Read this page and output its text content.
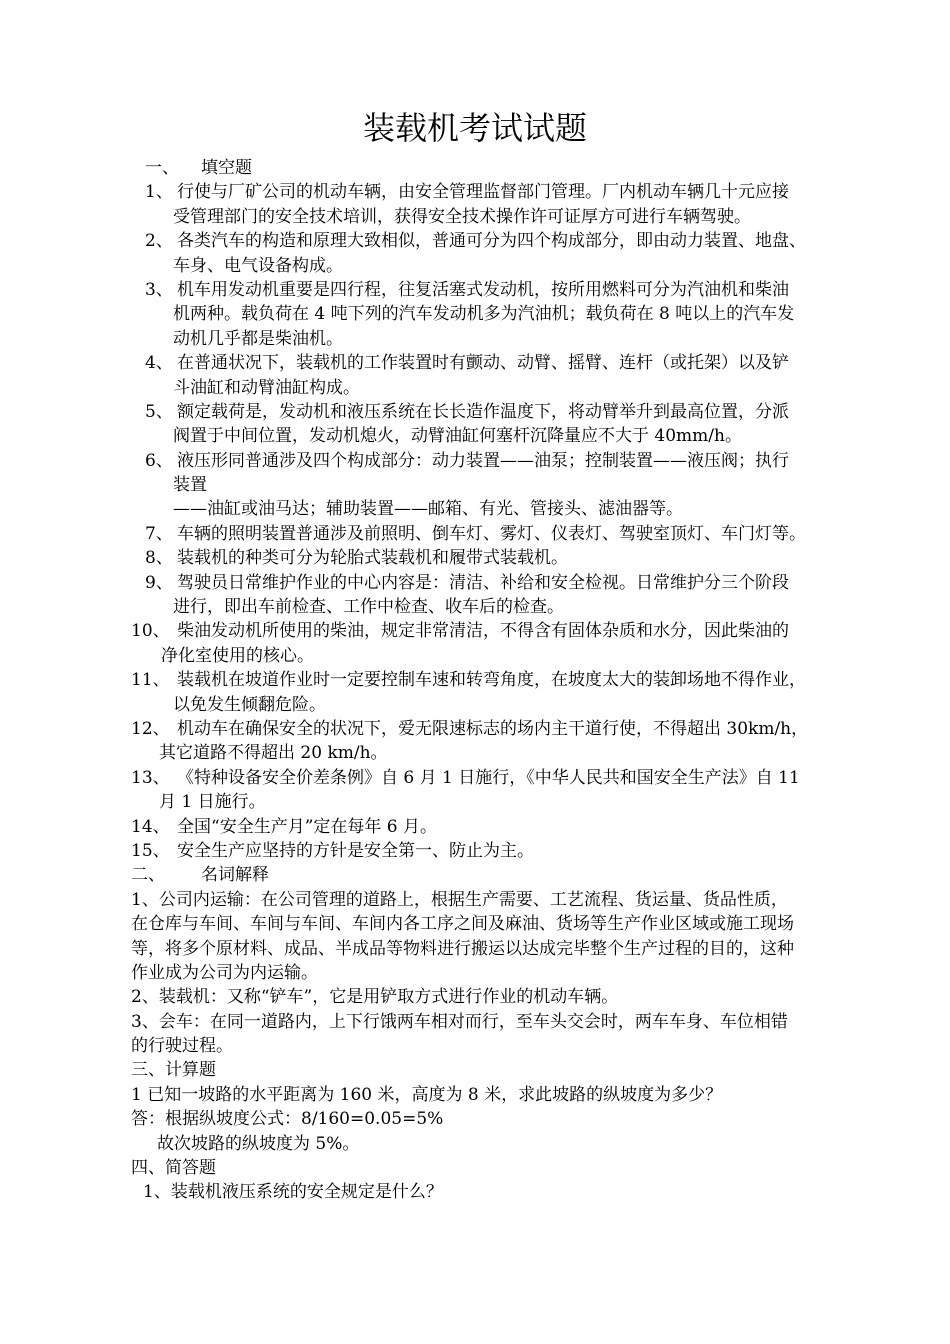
装载机考试试题
一、 填空题
1、 行使与厂矿公司的机动车辆，由安全管理监督部门管理。厂内机动车辆几十元应接
受管理部门的安全技术培训，获得安全技术操作许可证厚方可进行车辆驾驶。
2、 各类汽车的构造和原理大致相似，普通可分为四个构成部分，即由动力装置、地盘、
车身、电气设备构成。
3、 机车用发动机重要是四行程，往复活塞式发动机，按所用燃料可分为汽油机和柴油
机两种。载负荷在 4 吨下列的汽车发动机多为汽油机；载负荷在 8 吨以上的汽车发
动机几乎都是柴油机。
4、 在普通状况下，装载机的工作装置时有颤动、动臂、摇臂、连杆（或托架）以及铲
斗油缸和动臂油缸构成。
5、 额定载荷是，发动机和液压系统在长长造作温度下，将动臂举升到最高位置，分派
阀置于中间位置，发动机熄火，动臂油缸何塞杆沉降量应不大于 40mm/h。
6、 液压形同普通涉及四个构成部分：动力装置——油泵；控制装置——液压阀；执行
装置
——油缸或油马达；辅助装置——邮箱、有光、管接头、滤油器等。
7、 车辆的照明装置普通涉及前照明、倒车灯、雾灯、仪表灯、驾驶室顶灯、车门灯等。
8、 装载机的种类可分为轮胎式装载机和履带式装载机。
9、 驾驶员日常维护作业的中心内容是：清洁、补给和安全检视。日常维护分三个阶段
进行，即出车前检查、工作中检查、收车后的检查。
10、 柴油发动机所使用的柴油，规定非常清洁，不得含有固体杂质和水分，因此柴油的
净化室使用的核心。
11、 装载机在坡道作业时一定要控制车速和转弯角度，在坡度太大的装卸场地不得作业，
以免发生倾翻危险。
12、 机动车在确保安全的状况下，爱无限速标志的场内主干道行使，不得超出 30km/h，
其它道路不得超出 20 km/h。
13、 《特种设备安全价差条例》自 6 月 1 日施行，《中华人民共和国安全生产法》自 11
月 1 日施行。
14、 全国“安全生产月”定在每年 6 月。
15、 安全生产应坚持的方针是安全第一、防止为主。
二、 名词解释
1、公司内运输：在公司管理的道路上，根据生产需要、工艺流程、货运量、货品性质，
在仓库与车间、车间与车间、车间内各工序之间及麻油、货场等生产作业区域或施工现场
等，将多个原材料、成品、半成品等物料进行搬运以达成完毕整个生产过程的目的，这种
作业成为公司为内运输。
2、装载机：又称“铲车”，它是用铲取方式进行作业的机动车辆。
3、会车：在同一道路内，上下行饿两车相对而行，至车头交会时，两车车身、车位相错
的行驶过程。
三、计算题
1 已知一坡路的水平距离为 160 米，高度为 8 米，求此坡路的纵坡度为多少？
答：根据纵坡度公式：8/160=0.05=5%
故次坡路的纵坡度为 5%。
四、简答题
1、装载机液压系统的安全规定是什么？
